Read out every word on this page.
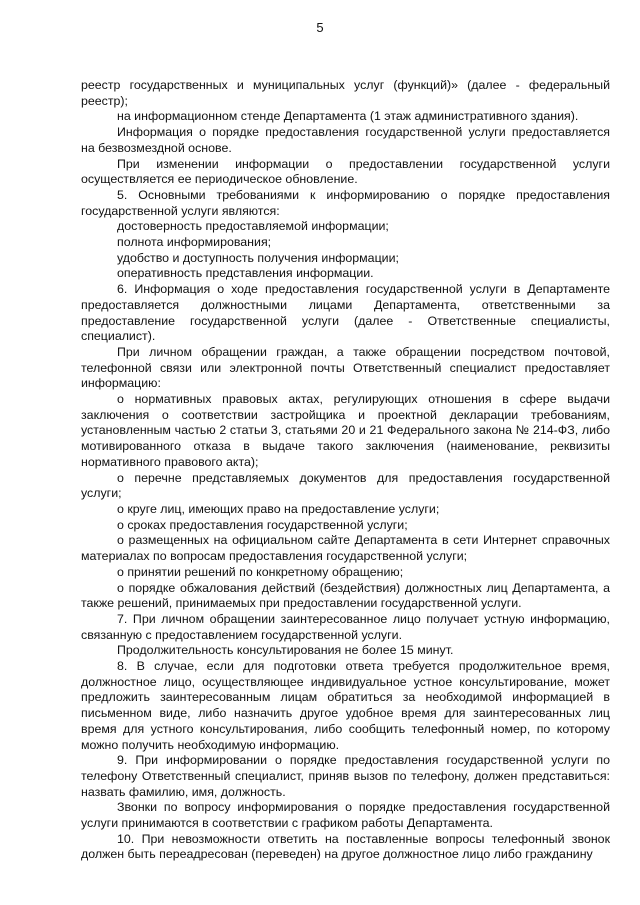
5

реестр государственных и муниципальных услуг (функций)» (далее - федеральный реестр);

на информационном стенде Департамента (1 этаж административного здания).

Информация о порядке предоставления государственной услуги предоставляется на безвозмездной основе.

При изменении информации о предоставлении государственной услуги осуществляется ее периодическое обновление.

5. Основными требованиями к информированию о порядке предоставления государственной услуги являются:

достоверность предоставляемой информации;

полнота информирования;

удобство и доступность получения информации;

оперативность представления информации.

6. Информация о ходе предоставления государственной услуги в Департаменте предоставляется должностными лицами Департамента, ответственными за предоставление государственной услуги (далее - Ответственные специалисты, специалист).

При личном обращении граждан, а также обращении посредством почтовой, телефонной связи или электронной почты Ответственный специалист предоставляет информацию:

о нормативных правовых актах, регулирующих отношения в сфере выдачи заключения о соответствии застройщика и проектной декларации требованиям, установленным частью 2 статьи 3, статьями 20 и 21 Федерального закона № 214-ФЗ, либо мотивированного отказа в выдаче такого заключения (наименование, реквизиты нормативного правового акта);

о перечне представляемых документов для предоставления государственной услуги;

о круге лиц, имеющих право на предоставление услуги;

о сроках предоставления государственной услуги;

о размещенных на официальном сайте Департамента в сети Интернет справочных материалах по вопросам предоставления государственной услуги;

о принятии решений по конкретному обращению;

о порядке обжалования действий (бездействия) должностных лиц Департамента, а также решений, принимаемых при предоставлении государственной услуги.

7. При личном обращении заинтересованное лицо получает устную информацию, связанную с предоставлением государственной услуги.

Продолжительность консультирования не более 15 минут.

8. В случае, если для подготовки ответа требуется продолжительное время, должностное лицо, осуществляющее индивидуальное устное консультирование, может предложить заинтересованным лицам обратиться за необходимой информацией в письменном виде, либо назначить другое удобное время для заинтересованных лиц время для устного консультирования, либо сообщить телефонный номер, по которому можно получить необходимую информацию.

9. При информировании о порядке предоставления государственной услуги по телефону Ответственный специалист, приняв вызов по телефону, должен представиться: назвать фамилию, имя, должность.

Звонки по вопросу информирования о порядке предоставления государственной услуги принимаются в соответствии с графиком работы Департамента.

10. При невозможности ответить на поставленные вопросы телефонный звонок должен быть переадресован (переведен) на другое должностное лицо либо гражданину
